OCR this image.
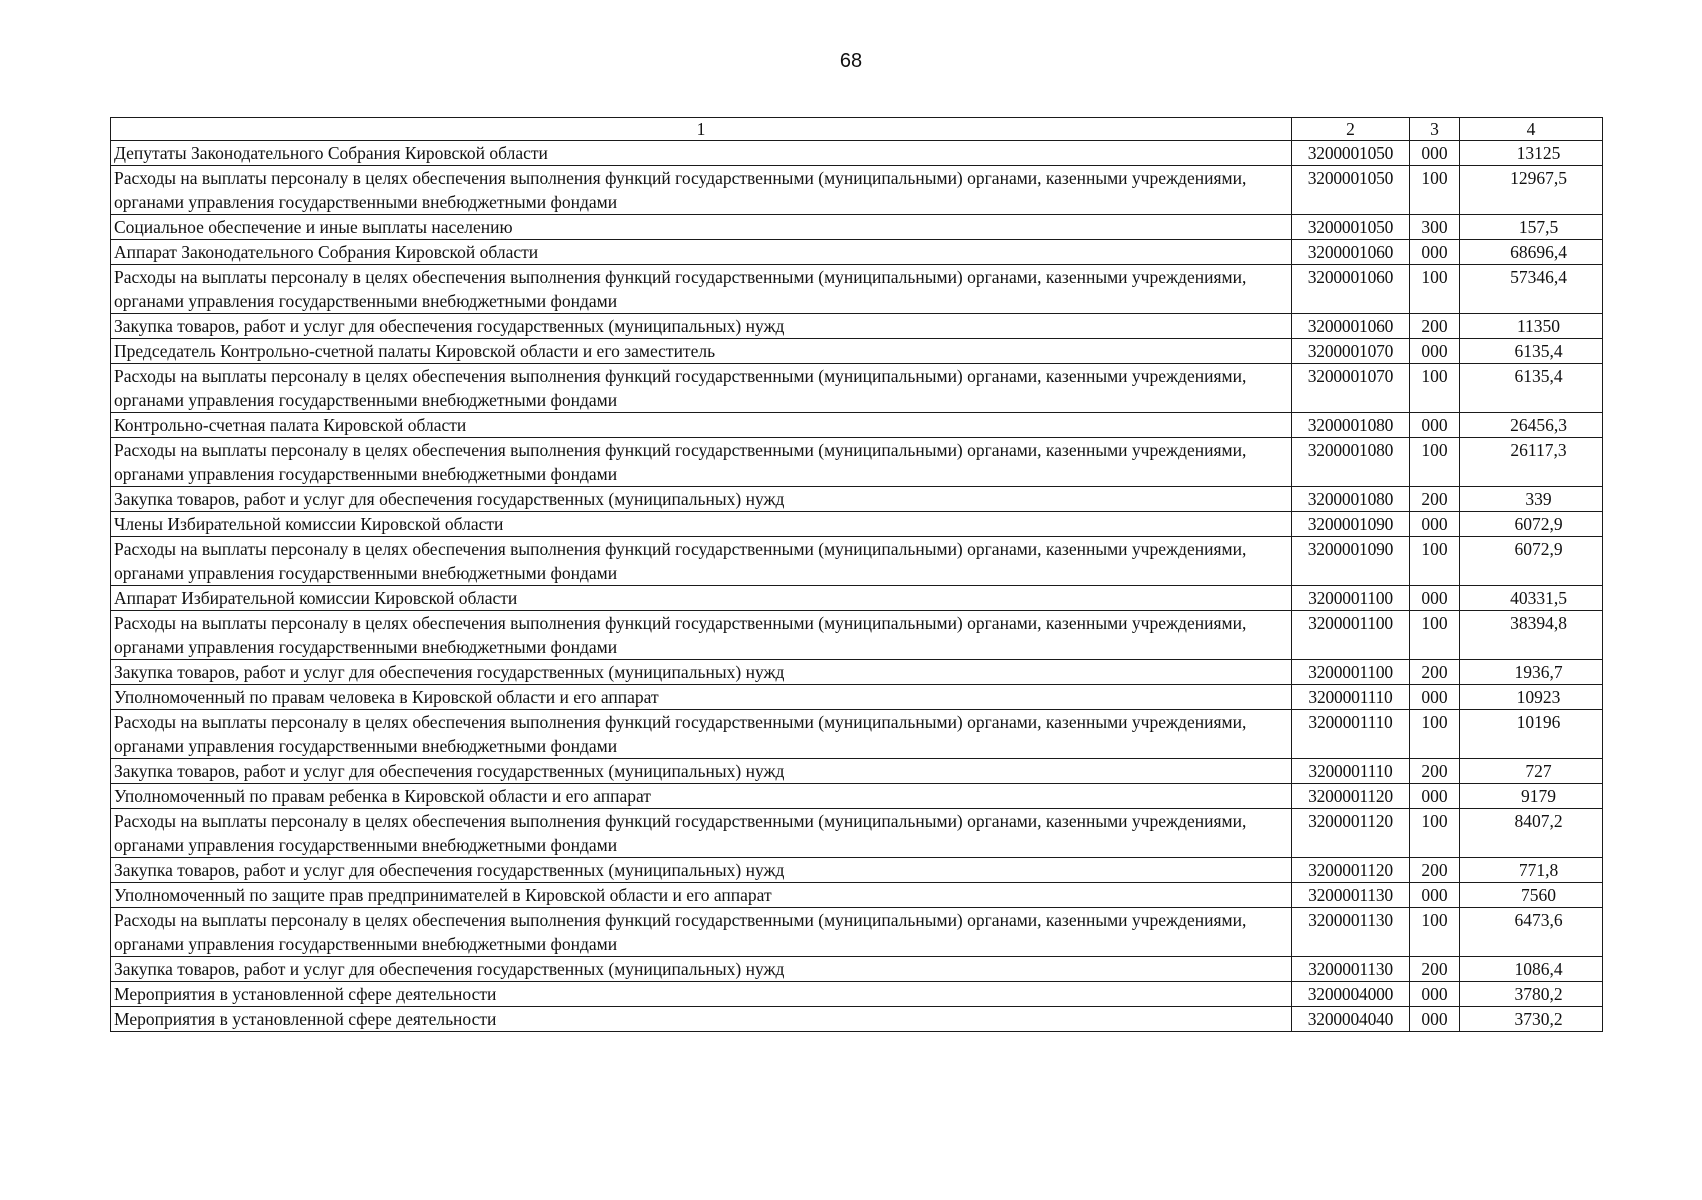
68
1	2	3	4
Депутаты Законодательного Собрания Кировской области	3200001050	000	13125
Расходы на выплаты персоналу в целях обеспечения выполнения функций государственными (муниципальными) органами, казенными учреждениями, органами управления государственными внебюджетными фондами	3200001050	100	12967,5
Социальное обеспечение и иные выплаты населению	3200001050	300	157,5
Аппарат Законодательного Собрания Кировской области	3200001060	000	68696,4
Расходы на выплаты персоналу в целях обеспечения выполнения функций государственными (муниципальными) органами, казенными учреждениями, органами управления государственными внебюджетными фондами	3200001060	100	57346,4
Закупка товаров, работ и услуг для обеспечения государственных (муниципальных) нужд	3200001060	200	11350
Председатель Контрольно-счетной палаты Кировской области и его заместитель	3200001070	000	6135,4
Расходы на выплаты персоналу в целях обеспечения выполнения функций государственными (муниципальными) органами, казенными учреждениями, органами управления государственными внебюджетными фондами	3200001070	100	6135,4
Контрольно-счетная палата Кировской области	3200001080	000	26456,3
Расходы на выплаты персоналу в целях обеспечения выполнения функций государственными (муниципальными) органами, казенными учреждениями, органами управления государственными внебюджетными фондами	3200001080	100	26117,3
Закупка товаров, работ и услуг для обеспечения государственных (муниципальных) нужд	3200001080	200	339
Члены Избирательной комиссии Кировской области	3200001090	000	6072,9
Расходы на выплаты персоналу в целях обеспечения выполнения функций государственными (муниципальными) органами, казенными учреждениями, органами управления государственными внебюджетными фондами	3200001090	100	6072,9
Аппарат Избирательной комиссии Кировской области	3200001100	000	40331,5
Расходы на выплаты персоналу в целях обеспечения выполнения функций государственными (муниципальными) органами, казенными учреждениями, органами управления государственными внебюджетными фондами	3200001100	100	38394,8
Закупка товаров, работ и услуг для обеспечения государственных (муниципальных) нужд	3200001100	200	1936,7
Уполномоченный по правам человека в Кировской области и его аппарат	3200001110	000	10923
Расходы на выплаты персоналу в целях обеспечения выполнения функций государственными (муниципальными) органами, казенными учреждениями, органами управления государственными внебюджетными фондами	3200001110	100	10196
Закупка товаров, работ и услуг для обеспечения государственных (муниципальных) нужд	3200001110	200	727
Уполномоченный по правам ребенка в Кировской области и его аппарат	3200001120	000	9179
Расходы на выплаты персоналу в целях обеспечения выполнения функций государственными (муниципальными) органами, казенными учреждениями, органами управления государственными внебюджетными фондами	3200001120	100	8407,2
Закупка товаров, работ и услуг для обеспечения государственных (муниципальных) нужд	3200001120	200	771,8
Уполномоченный по защите прав предпринимателей в Кировской области и его аппарат	3200001130	000	7560
Расходы на выплаты персоналу в целях обеспечения выполнения функций государственными (муниципальными) органами, казенными учреждениями, органами управления государственными внебюджетными фондами	3200001130	100	6473,6
Закупка товаров, работ и услуг для обеспечения государственных (муниципальных) нужд	3200001130	200	1086,4
Мероприятия в установленной сфере деятельности	3200004000	000	3780,2
Мероприятия в установленной сфере деятельности	3200004040	000	3730,2
